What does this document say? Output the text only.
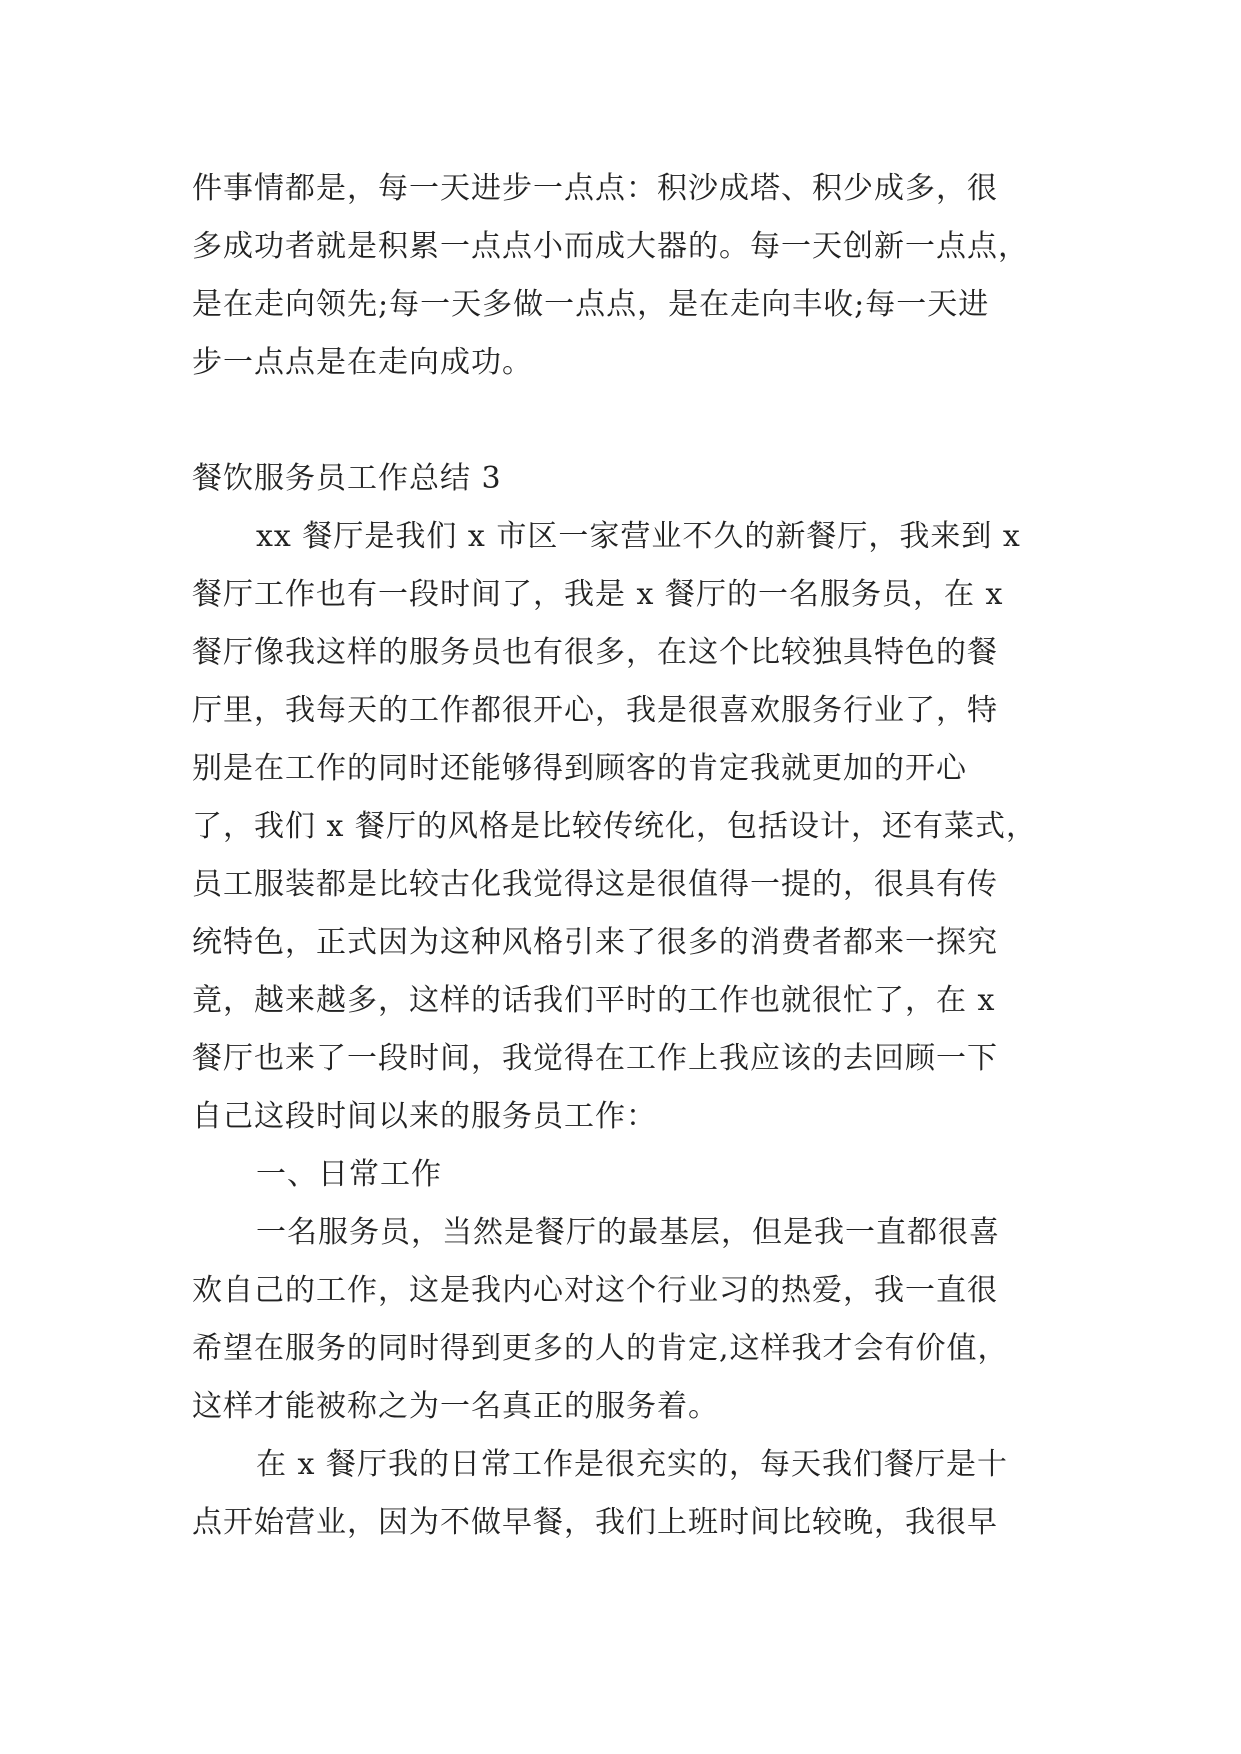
件事情都是，每一天进步一点点：积沙成塔、积少成多，很
多成功者就是积累一点点小而成大器的。每一天创新一点点，
是在走向领先;每一天多做一点点，是在走向丰收;每一天进
步一点点是在走向成功。
餐饮服务员工作总结 3
xx 餐厅是我们 x 市区一家营业不久的新餐厅，我来到 x
餐厅工作也有一段时间了，我是 x 餐厅的一名服务员，在 x
餐厅像我这样的服务员也有很多，在这个比较独具特色的餐
厅里，我每天的工作都很开心，我是很喜欢服务行业了，特
别是在工作的同时还能够得到顾客的肯定我就更加的开心
了，我们 x 餐厅的风格是比较传统化，包括设计，还有菜式，
员工服装都是比较古化我觉得这是很值得一提的，很具有传
统特色，正式因为这种风格引来了很多的消费者都来一探究
竟，越来越多，这样的话我们平时的工作也就很忙了，在 x
餐厅也来了一段时间，我觉得在工作上我应该的去回顾一下
自己这段时间以来的服务员工作：
一、日常工作
一名服务员，当然是餐厅的最基层，但是我一直都很喜
欢自己的工作，这是我内心对这个行业习的热爱，我一直很
希望在服务的同时得到更多的人的肯定,这样我才会有价值，
这样才能被称之为一名真正的服务着。
在 x 餐厅我的日常工作是很充实的，每天我们餐厅是十
点开始营业，因为不做早餐，我们上班时间比较晚，我很早
